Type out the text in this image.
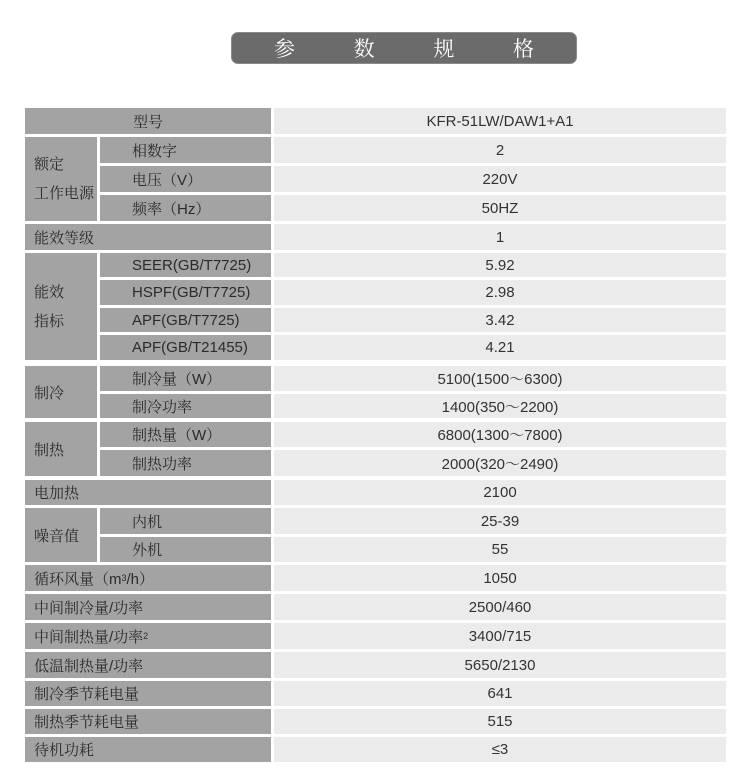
参 数 规 格
型号	KFR-51LW/DAW1+A1
额定
工作电源
相数字	2
电压（V）	220V
频率（Hz）	50HZ
能效等级	1
能效
指标
SEER(GB/T7725)	5.92
HSPF(GB/T7725)	2.98
APF(GB/T7725)	3.42
APF(GB/T21455)	4.21
制冷
制冷量（W）	5100(1500～6300)
制冷功率	1400(350～2200)
制热
制热量（W）	6800(1300～7800)
制热功率	2000(320～2490)
电加热	2100
噪音值
内机	25-39
外机	55
循环风量（m 3 /h）	1050
中间制冷量/功率	2500/460
中间制热量/功率 2	3400/715
低温制热量/功率	5650/2130
制冷季节耗电量	641
制热季节耗电量	515
待机功耗	≤3
